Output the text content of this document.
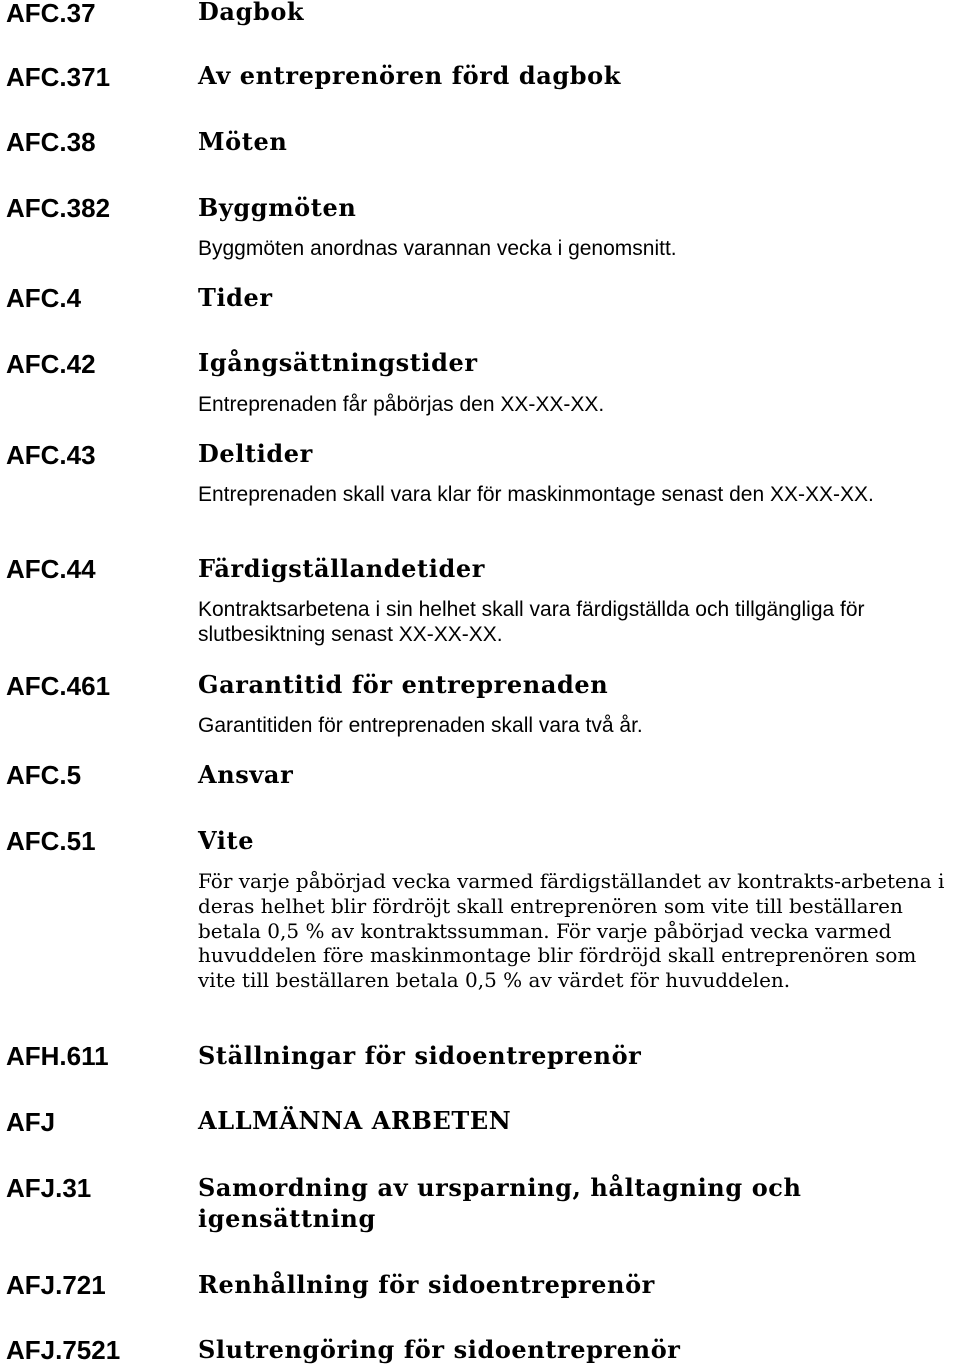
AFC.37	Dagbok
AFC.371	Av entreprenören förd dagbok
AFC.38	Möten
AFC.382	Byggmöten
Byggmöten anordnas varannan vecka i genomsnitt.
AFC.4	Tider
AFC.42	Igångsättningstider
Entreprenaden får påbörjas den XX-XX-XX.
AFC.43	Deltider
Entreprenaden skall vara klar för maskinmontage senast den XX-XX-XX.
AFC.44	Färdigställandetider
Kontraktsarbetena i sin helhet skall vara färdigställda och tillgängliga för slutbesiktning senast XX-XX-XX.
AFC.461	Garantitid för entreprenaden
Garantitiden för entreprenaden skall vara två år.
AFC.5	Ansvar
AFC.51	Vite
För varje påbörjad vecka varmed färdigställandet av kontrakts-arbetena i deras helhet blir fördröjt skall entreprenören som vite till beställaren betala 0,5 % av kontraktssumman. För varje påbörjad vecka varmed huvuddelen före maskinmontage blir fördröjd skall entreprenören som vite till beställaren betala 0,5 % av värdet för huvuddelen.
AFH.611	Ställningar för sidoentreprenör
AFJ	ALLMÄNNA ARBETEN
AFJ.31	Samordning av ursparning, håltagning och igensättning
AFJ.721	Renhållning för sidoentreprenör
AFJ.7521	Slutrengöring för sidoentreprenör
